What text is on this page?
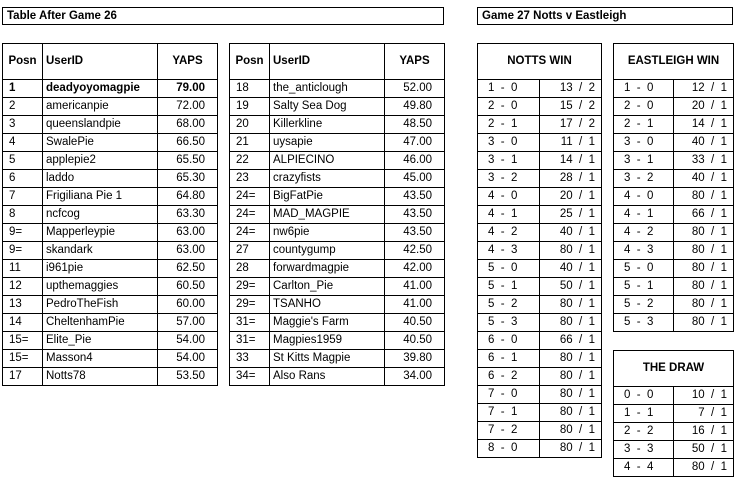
Table After Game 26	Game 27 Notts v Eastleigh
Posn	UserID	YAPS
1	deadyoyomagpie	79.00
2	americanpie	72.00
3	queenslandpie	68.00
4	SwalePie	66.50
5	applepie2	65.50
6	laddo	65.30
7	Frigiliana Pie 1	64.80
8	ncfcog	63.30
9=	Mapperleypie	63.00
9=	skandark	63.00
11	i961pie	62.50
12	upthemaggies	60.50
13	PedroTheFish	60.00
14	CheltenhamPie	57.00
15=	Elite_Pie	54.00
15=	Masson4	54.00
17	Notts78	53.50
Posn	UserID	YAPS
18	the_anticlough	52.00
19	Salty Sea Dog	49.80
20	Killerkline	48.50
21	uysapie	47.00
22	ALPIECINO	46.00
23	crazyfists	45.00
24=	BigFatPie	43.50
24=	MAD_MAGPIE	43.50
24=	nw6pie	43.50
27	countygump	42.50
28	forwardmagpie	42.00
29=	Carlton_Pie	41.00
29=	TSANHO	41.00
31=	Maggie's Farm	40.50
31=	Magpies1959	40.50
33	St Kitts Magpie	39.80
34=	Also Rans	34.00
NOTTS WIN	
1  -  0	13  /  2
2  -  0	15  /  2
2  -  1	17  /  2
3  -  0	11  /  1
3  -  1	14  /  1
3  -  2	28  /  1
4  -  0	20  /  1
4  -  1	25  /  1
4  -  2	40  /  1
4  -  3	80  /  1
5  -  0	40  /  1
5  -  1	50  /  1
5  -  2	80  /  1
5  -  3	80  /  1
6  -  0	66  /  1
6  -  1	80  /  1
6  -  2	80  /  1
7  -  0	80  /  1
7  -  1	80  /  1
7  -  2	80  /  1
8  -  0	80  /  1
EASTLEIGH WIN	
1  -  0	12  /  1
2  -  0	20  /  1
2  -  1	14  /  1
3  -  0	40  /  1
3  -  1	33  /  1
3  -  2	40  /  1
4  -  0	80  /  1
4  -  1	66  /  1
4  -  2	80  /  1
4  -  3	80  /  1
5  -  0	80  /  1
5  -  1	80  /  1
5  -  2	80  /  1
5  -  3	80  /  1
THE DRAW	
0  -  0	10  /  1
1  -  1	7  /  1
2  -  2	16  /  1
3  -  3	50  /  1
4  -  4	80  /  1
